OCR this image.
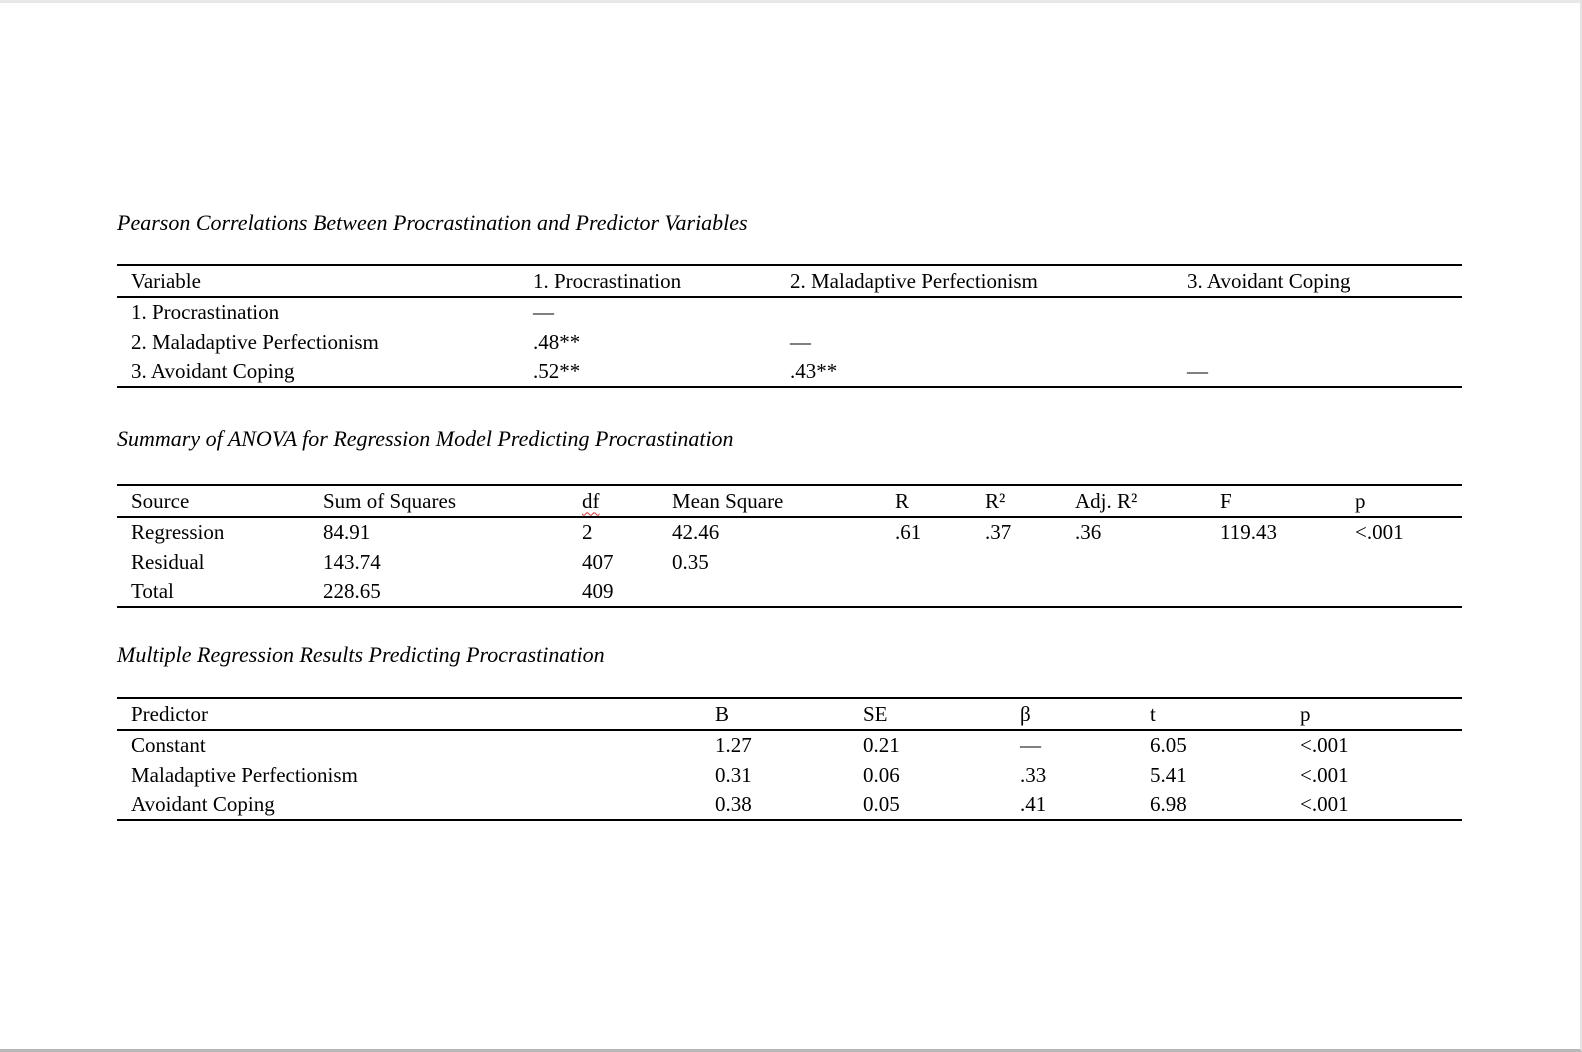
Pearson Correlations Between Procrastination and Predictor Variables
Variable	1. Procrastination	2. Maladaptive Perfectionism	3. Avoidant Coping
1. Procrastination	—		
2. Maladaptive Perfectionism	.48**	—	
3. Avoidant Coping	.52**	.43**	—
Summary of ANOVA for Regression Model Predicting Procrastination
Source	Sum of Squares	df	Mean Square	R	R²	Adj. R²	F	p
Regression	84.91	2	42.46	.61	.37	.36	119.43	<.001
Residual	143.74	407	0.35					
Total	228.65	409						
Multiple Regression Results Predicting Procrastination
Predictor	B	SE	β	t	p
Constant	1.27	0.21	—	6.05	<.001
Maladaptive Perfectionism	0.31	0.06	.33	5.41	<.001
Avoidant Coping	0.38	0.05	.41	6.98	<.001
